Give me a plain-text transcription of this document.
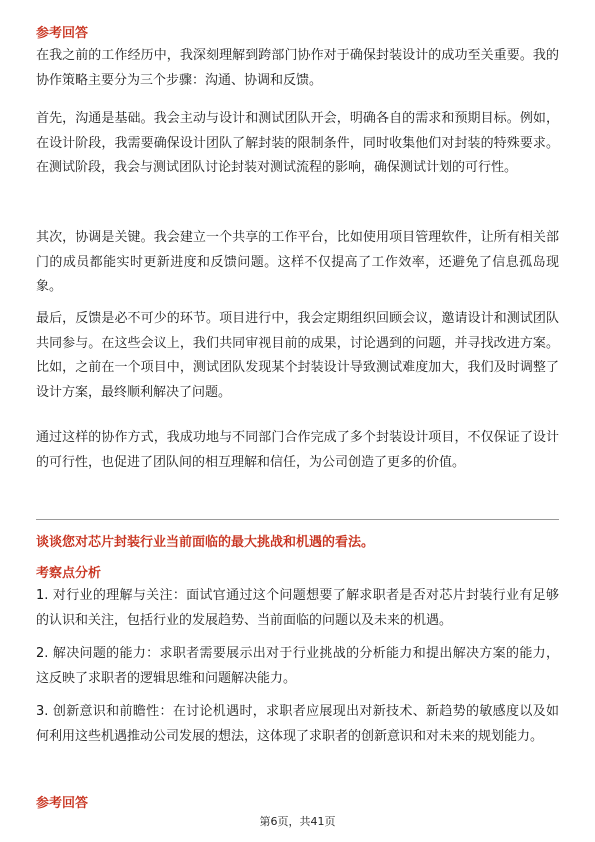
参考回答

在我之前的工作经历中，我深刻理解到跨部门协作对于确保封装设计的成功至关重要。我的协作策略主要分为三个步骤：沟通、协调和反馈。

首先，沟通是基础。我会主动与设计和测试团队开会，明确各自的需求和预期目标。例如，在设计阶段，我需要确保设计团队了解封装的限制条件，同时收集他们对封装的特殊要求。在测试阶段，我会与测试团队讨论封装对测试流程的影响，确保测试计划的可行性。

其次，协调是关键。我会建立一个共享的工作平台，比如使用项目管理软件，让所有相关部门的成员都能实时更新进度和反馈问题。这样不仅提高了工作效率，还避免了信息孤岛现象。

最后，反馈是必不可少的环节。项目进行中，我会定期组织回顾会议，邀请设计和测试团队共同参与。在这些会议上，我们共同审视目前的成果，讨论遇到的问题，并寻找改进方案。比如，之前在一个项目中，测试团队发现某个封装设计导致测试难度加大，我们及时调整了设计方案，最终顺利解决了问题。

通过这样的协作方式，我成功地与不同部门合作完成了多个封装设计项目，不仅保证了设计的可行性，也促进了团队间的相互理解和信任，为公司创造了更多的价值。

谈谈您对芯片封装行业当前面临的最大挑战和机遇的看法。

考察点分析

1. 对行业的理解与关注：面试官通过这个问题想要了解求职者是否对芯片封装行业有足够的认识和关注，包括行业的发展趋势、当前面临的问题以及未来的机遇。

2. 解决问题的能力：求职者需要展示出对于行业挑战的分析能力和提出解决方案的能力，这反映了求职者的逻辑思维和问题解决能力。

3. 创新意识和前瞻性：在讨论机遇时，求职者应展现出对新技术、新趋势的敏感度以及如何利用这些机遇推动公司发展的想法，这体现了求职者的创新意识和对未来的规划能力。

参考回答

第6页，共41页
